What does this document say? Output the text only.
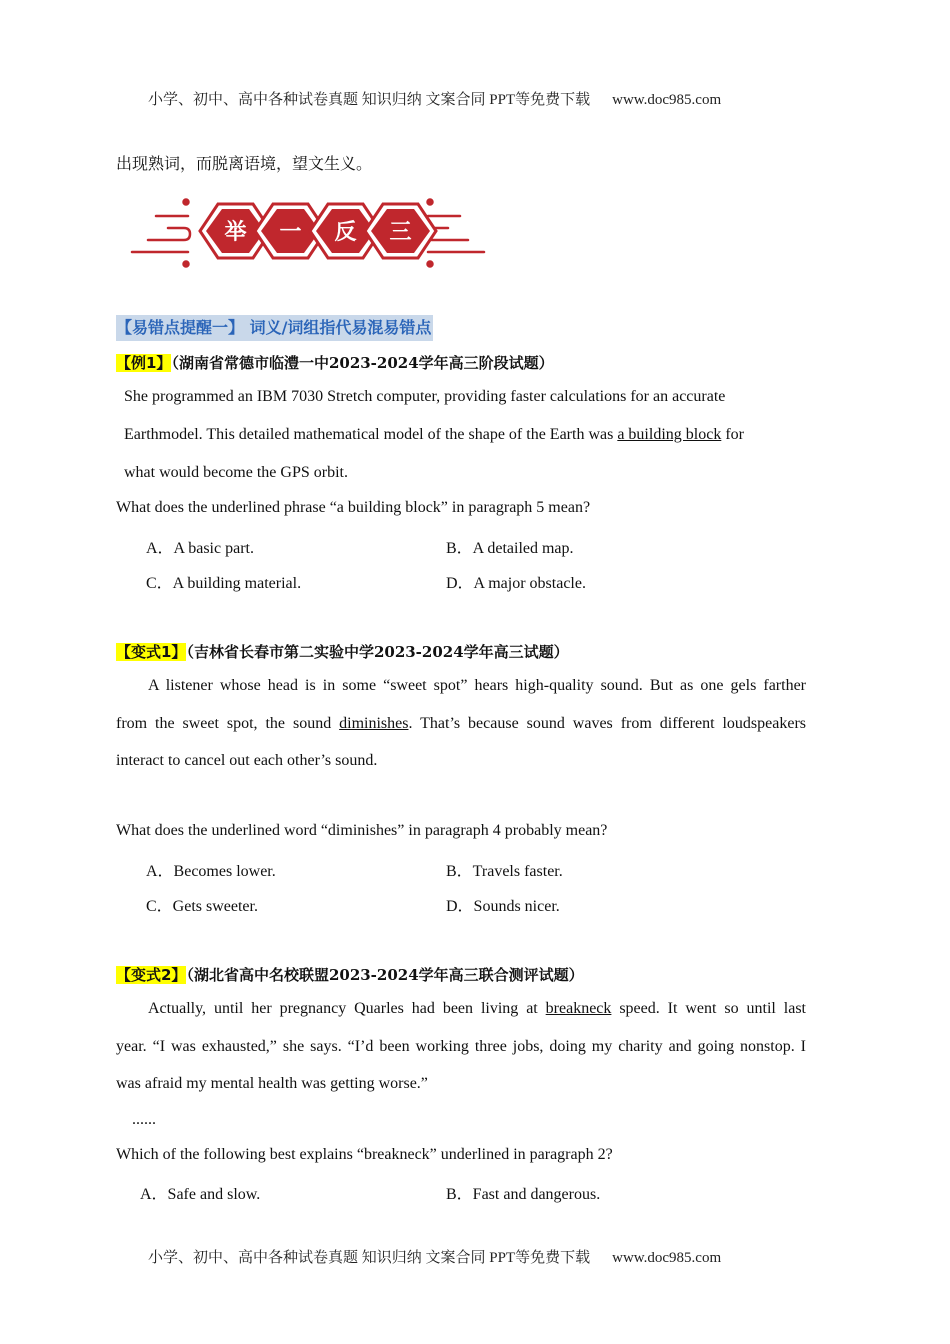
小学、初中、高中各种试卷真题 知识归纳 文案合同 PPT等免费下载 www.doc985.com
出现熟词，而脱离语境，望文生义。
举 一 反 三
【易错点提醒一】 词义/词组指代易混易错点
【例1】（湖南省常德市临澧一中2023-2024学年高三阶段试题）
She programmed an IBM 7030 Stretch computer, providing faster calculations for an accurate
Earthmodel. This detailed mathematical model of the shape of the Earth was a building block for
what would become the GPS orbit.
What does the underlined phrase “a building block” in paragraph 5 mean?
A．A basic part.	B．A detailed map.
C．A building material.	D．A major obstacle.
【变式1】（吉林省长春市第二实验中学2023-2024学年高三试题）
A listener whose head is in some “sweet spot” hears high-quality sound. But as one gels farther
from the sweet spot, the sound diminishes. That’s because sound waves from different loudspeakers
interact to cancel out each other’s sound.
What does the underlined word “diminishes” in paragraph 4 probably mean?
A．Becomes lower.	B．Travels faster.
C．Gets sweeter.	D．Sounds nicer.
【变式2】（湖北省高中名校联盟2023-2024学年高三联合测评试题）
Actually, until her pregnancy Quarles had been living at breakneck speed. It went so until last
year. “I was exhausted,” she says. “I’d been working three jobs, doing my charity and going nonstop. I
was afraid my mental health was getting worse.”
......
Which of the following best explains “breakneck” underlined in paragraph 2?
A．Safe and slow.	B．Fast and dangerous.
小学、初中、高中各种试卷真题 知识归纳 文案合同 PPT等免费下载 www.doc985.com
